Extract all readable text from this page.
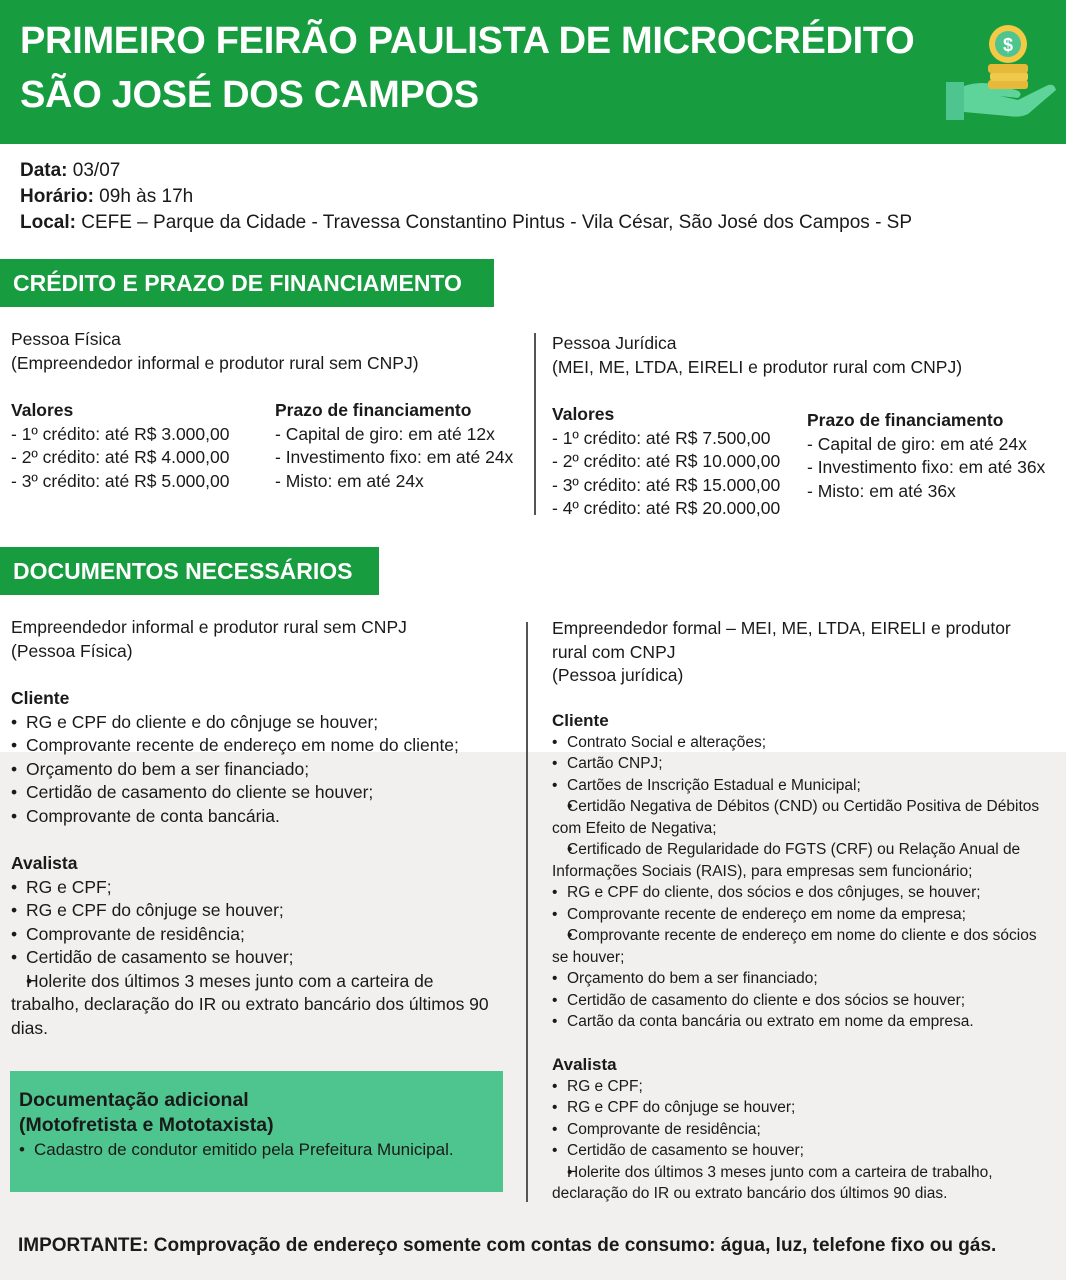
PRIMEIRO FEIRÃO PAULISTA DE MICROCRÉDITO
SÃO JOSÉ DOS CAMPOS
$
Data: 03/07
Horário: 09h às 17h
Local: CEFE – Parque da Cidade - Travessa Constantino Pintus - Vila César, São José dos Campos - SP
CRÉDITO E PRAZO DE FINANCIAMENTO
Pessoa Física
(Empreendedor informal e produtor rural sem CNPJ)
Valores
- 1º crédito: até R$ 3.000,00
- 2º crédito: até R$ 4.000,00
- 3º crédito: até R$ 5.000,00
Prazo de financiamento
- Capital de giro: em até 12x
- Investimento fixo: em até 24x
- Misto: em até 24x
Pessoa Jurídica
(MEI, ME, LTDA, EIRELI e produtor rural com CNPJ)
Valores
- 1º crédito: até R$ 7.500,00
- 2º crédito: até R$ 10.000,00
- 3º crédito: até R$ 15.000,00
- 4º crédito: até R$ 20.000,00
Prazo de financiamento
- Capital de giro: em até 24x
- Investimento fixo: em até 36x
- Misto: em até 36x
DOCUMENTOS NECESSÁRIOS
Empreendedor informal e produtor rural sem CNPJ
(Pessoa Física)
Cliente
• RG e CPF do cliente e do cônjuge se houver;
• Comprovante recente de endereço em nome do cliente;
• Orçamento do bem a ser financiado;
• Certidão de casamento do cliente se houver;
• Comprovante de conta bancária.
Avalista
• RG e CPF;
• RG e CPF do cônjuge se houver;
• Comprovante de residência;
• Certidão de casamento se houver;
• Holerite dos últimos 3 meses junto com a carteira de trabalho, declaração do IR ou extrato bancário dos últimos 90 dias.
Documentação adicional
(Motofretista e Mototaxista)
• Cadastro de condutor emitido pela Prefeitura Municipal.
Empreendedor formal – MEI, ME, LTDA, EIRELI e produtor
rural com CNPJ
(Pessoa jurídica)
Cliente
• Contrato Social e alterações;
• Cartão CNPJ;
• Cartões de Inscrição Estadual e Municipal;
• Certidão Negativa de Débitos (CND) ou Certidão Positiva de Débitos com Efeito de Negativa;
• Certificado de Regularidade do FGTS (CRF) ou Relação Anual de Informações Sociais (RAIS), para empresas sem funcionário;
• RG e CPF do cliente, dos sócios e dos cônjuges, se houver;
• Comprovante recente de endereço em nome da empresa;
• Comprovante recente de endereço em nome do cliente e dos sócios se houver;
• Orçamento do bem a ser financiado;
• Certidão de casamento do cliente e dos sócios se houver;
• Cartão da conta bancária ou extrato em nome da empresa.
Avalista
• RG e CPF;
• RG e CPF do cônjuge se houver;
• Comprovante de residência;
• Certidão de casamento se houver;
• Holerite dos últimos 3 meses junto com a carteira de trabalho, declaração do IR ou extrato bancário dos últimos 90 dias.
IMPORTANTE: Comprovação de endereço somente com contas de consumo: água, luz, telefone fixo ou gás.
